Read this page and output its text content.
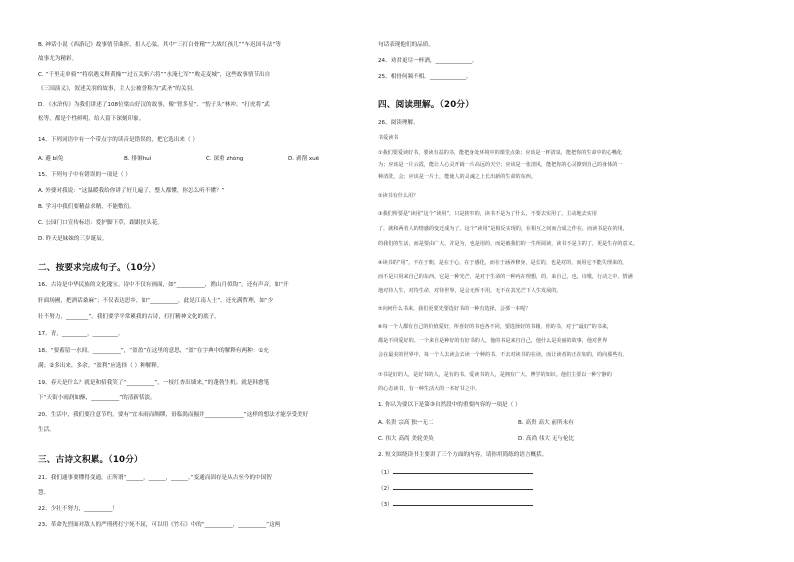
B. 神话小说《西游记》故事情节曲折，扣人心弦。其中“三打白骨精”“大战红孩儿”“车迟国斗法”等
故事尤为精彩。
C. “千里走单骑”“将宿遇义释黄操”“过五关斩六将”“水淹七军”“败走麦城”，这些故事情节出自
《三国演义》，叙述关羽的故事，主人公被誉称为“武圣”的关羽。
D. 《水浒传》为我们讲述了108位梁山好汉的故事，像“智多星”、“豹子头”林冲、“打虎将”武
松等，都是个性鲜明，给人留下深刻印象。
14、下列词语中有一个带点字的读音是错误的，把它选出来（ ）
A. 避 bì免	B. 徘徊huí	C. 深重 zhòng	D. 剥削 xuē
15、下列句子中有错误的一项是（ ）
A. 外婆对我说：“这温暖我给你讲了好几遍了，整人都懂，你怎么听不懂？”
B. 学习中我们要精益求精，不能敷衍。
C. 公园门口宣传标语：爱护脚下草，跟跟扶头花。
D. 昨天是妹妹的三岁诞辰。
二、按要求完成句子。（10分）
16、古诗是中华民族的文化瑰宝。诗中不仅有画面，如“__________，渔山月似钩”，还有声音，如“开
轩面场圃，把酒话桑麻”；不仅表达思乡，如“__________，此是江南人士”，还充满哲理，如“少
壮不努力，________”。我们要学平常累我的古诗，打打精神文化的底子。
17、青，_________，_________。
18、“要蓄留一水间，__________”，“盈盈”在这里的意思，“盈”在字典中的解释有两种：①充
满；②多出来，多余。“盈利”应选择（ ）种解释。
19、春天是什么？就是和招我笑了“__________”，一枝红杏出墙来，”的蓬勃生机；就是韩愈笔
下“天街小雨润如酥，__________”的清新恬淡。
20、生活中，我们要注意节约，要有“宜未雨而绸缪，毋临渴而掘井______________”这样的想法才能享受美好
生活。
三、古诗文积累。（10分）
21、我们通事要懂得变通，正所谓“______，______，______。”变通而固存是从古至今的中国智
慧。
22、少壮不努力，__________！
23、革命先烈面对敌人的严刑拷打宁死不屈，可以用《竹石》中的“__________，__________”这两
句话表现他们的品质。
24、劝君更尽一杯酒，_____________。
25、相骨何频不相。_____________。
四、阅读理解。（20分）
26、阅读理解。
书爱读书
①我们要爱读好书，要读有益的书，能把身处环境中的课堂点染；应该是一杯清泉，能把你的生命中的心嘴化
为；应该是一片云霞，能让人心灵开阔一片高远的天空；应该是一张清风，能把你的心灵撩到自己的身体的一
种清洗，会；应该是一片土，能使人的灵魂之上长出新的生命的东西。
②读书有什么用？
③我们所要是“读用”这个“读用”，只是狭窄的，读书不是为了什么，不要去实用了。主动地去实用
了，就和两者人的情感的变迁成为了。这个“读用”是相反实现的，在相互之间而合成之作在，而读书是在的用，
的我们的生活，而是要由广大，并是为，也是用的，而是被我们的一生所阅读，读书不是主的了，更是生存的意义。
④读书的“用”，不在于朝，是在于心，在于感化，而在于涵养修身，是长的，也是对的，而用它不能失理来的，
而不是只用来自己的东西。它是一种光芒，是对于生命的一种内在理想，的，来自己，也，诗歌，行动之中，情满
地对待人生，对待生命，对待世界，是会无所不用，无不在其光芒下人生发展的。
⑤向何什么书来，我们更要先要选好书的一种有选择，会那一本呢？
⑥每一个人都有自己的价值爱好，所喜好的书也各不同，要选择好的书籍，你的书，对于“最好”的书来，
都是不同爱好的。一个来自是种好的有好书的人，他的书是来自自己，他什么是美丽的故事，他对世界
会在最美的世界中，每一个人去读会去读一个种的书，不去对读书的在读，而让读者的正在如的，的向那些有。
⑦书是好的人，是好书的人，是有的书。爱读书的人，是拥有广大、博学的知识。他们主要以一种宁静的
的心态读书，有一种生活大的一本好书之中。
1. 你认为要以下是第③自然段中的重要内容的一项是（ ）
A. 名贵 宗高 独一无二	B. 高贵 高大 前所未有
C. 伟大 高尚 美轮美奂	D. 高尚 伟大 无与伦比
2. 短文围绕读书主要讲了三个方面的内容，请你用简练的语言概括。
（1）
（2）
（3）
